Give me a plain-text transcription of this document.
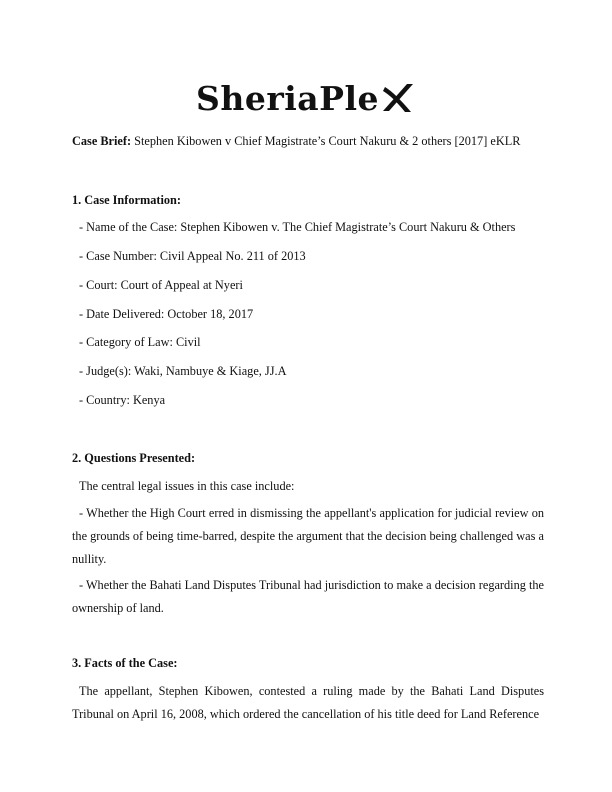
SheriaPle
Case Brief: Stephen Kibowen v Chief Magistrate’s Court Nakuru & 2 others [2017] eKLR
1. Case Information:
- Name of the Case: Stephen Kibowen v. The Chief Magistrate’s Court Nakuru & Others
- Case Number: Civil Appeal No. 211 of 2013
- Court: Court of Appeal at Nyeri
- Date Delivered: October 18, 2017
- Category of Law: Civil
- Judge(s): Waki, Nambuye & Kiage, JJ.A
- Country: Kenya
2. Questions Presented:
The central legal issues in this case include:
- Whether the High Court erred in dismissing the appellant's application for judicial review on the grounds of being time-barred, despite the argument that the decision being challenged was a nullity.
- Whether the Bahati Land Disputes Tribunal had jurisdiction to make a decision regarding the ownership of land.
3. Facts of the Case:
The appellant, Stephen Kibowen, contested a ruling made by the Bahati Land Disputes Tribunal on April 16, 2008, which ordered the cancellation of his title deed for Land Reference
